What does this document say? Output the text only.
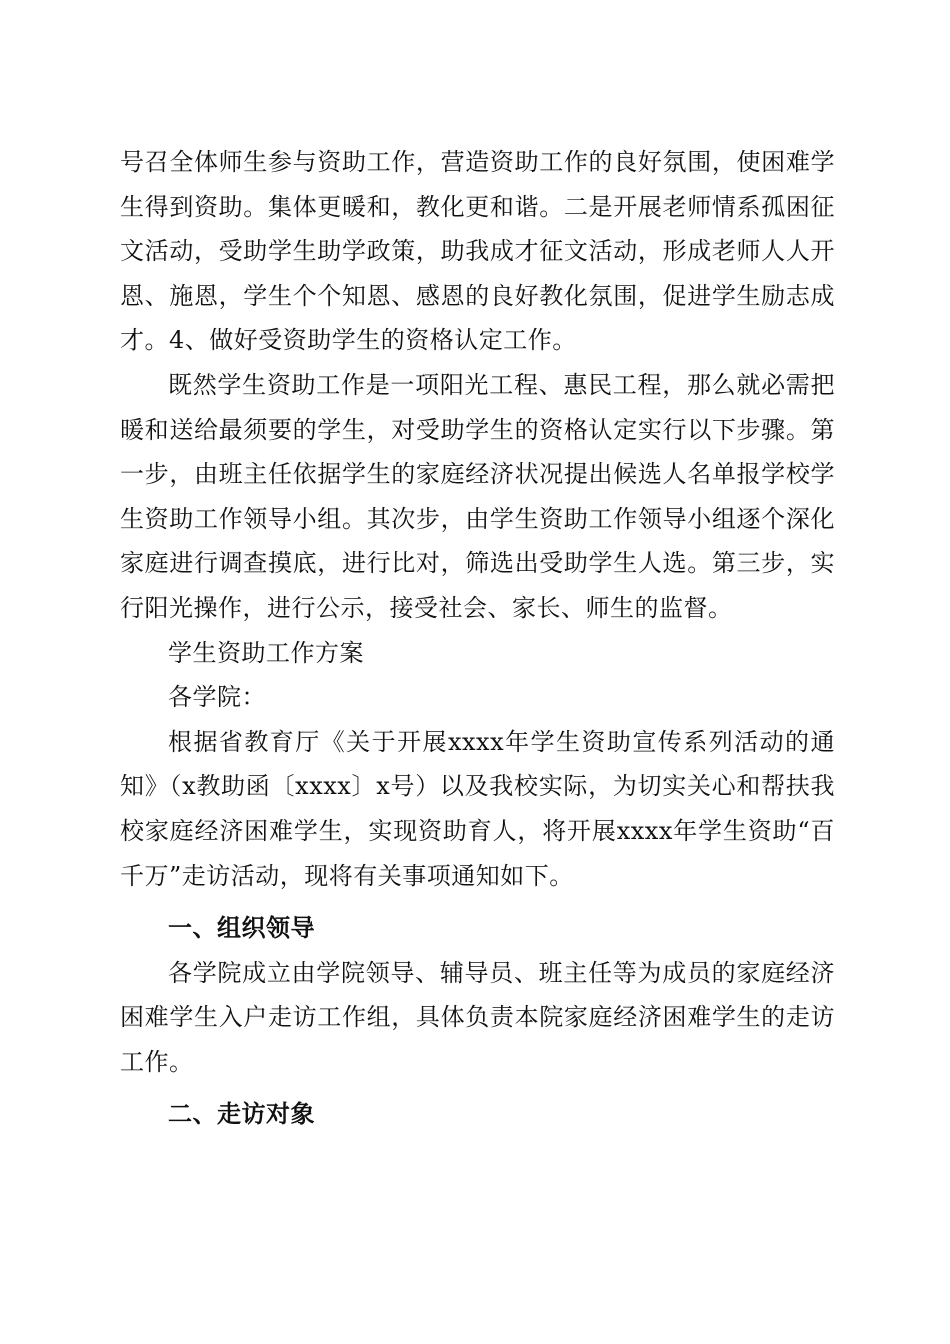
号召全体师生参与资助工作，营造资助工作的良好氛围，使困难学生得到资助。集体更暖和，教化更和谐。二是开展老师情系孤困征文活动，受助学生助学政策，助我成才征文活动，形成老师人人开恩、施恩，学生个个知恩、感恩的良好教化氛围，促进学生励志成才。4、做好受资助学生的资格认定工作。

既然学生资助工作是一项阳光工程、惠民工程，那么就必需把暖和送给最须要的学生，对受助学生的资格认定实行以下步骤。第一步，由班主任依据学生的家庭经济状况提出候选人名单报学校学生资助工作领导小组。其次步，由学生资助工作领导小组逐个深化家庭进行调查摸底，进行比对，筛选出受助学生人选。第三步，实行阳光操作，进行公示，接受社会、家长、师生的监督。

学生资助工作方案

各学院：

根据省教育厅《关于开展xxxx年学生资助宣传系列活动的通知》（x教助函〔xxxx〕x号）以及我校实际，为切实关心和帮扶我校家庭经济困难学生，实现资助育人，将开展xxxx年学生资助“百千万”走访活动，现将有关事项通知如下。

一、组织领导

各学院成立由学院领导、辅导员、班主任等为成员的家庭经济困难学生入户走访工作组，具体负责本院家庭经济困难学生的走访工作。

二、走访对象
